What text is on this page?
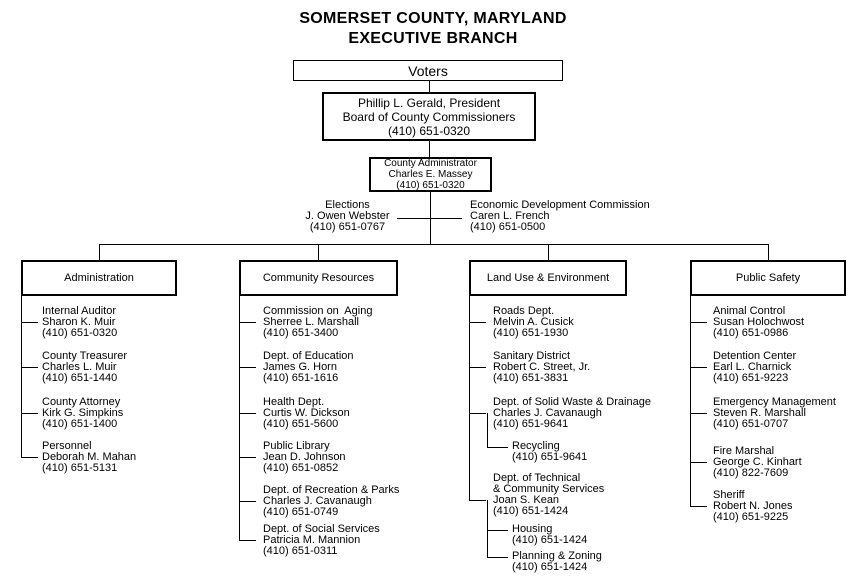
SOMERSET COUNTY, MARYLAND
EXECUTIVE BRANCH
Voters
Phillip L. Gerald, President
Board of County Commissioners
(410) 651-0320
County Administrator
Charles E. Massey
(410) 651-0320
Elections
J. Owen Webster
(410) 651-0767
Economic Development Commission
Caren L. French
(410) 651-0500
Administration	Community Resources	Land Use & Environment	Public Safety
Internal Auditor
Sharon K. Muir
(410) 651-0320
County Treasurer
Charles L. Muir
(410) 651-1440
County Attorney
Kirk G. Simpkins
(410) 651-1400
Personnel
Deborah M. Mahan
(410) 651-5131
Commission on  Aging
Sherree L. Marshall
(410) 651-3400
Dept. of Education
James G. Horn
(410) 651-1616
Health Dept.
Curtis W. Dickson
(410) 651-5600
Public Library
Jean D. Johnson
(410) 651-0852
Dept. of Recreation & Parks
Charles J. Cavanaugh
(410) 651-0749
Dept. of Social Services
Patricia M. Mannion
(410) 651-0311
Roads Dept.
Melvin A. Cusick
(410) 651-1930
Sanitary District
Robert C. Street, Jr.
(410) 651-3831
Dept. of Solid Waste & Drainage
Charles J. Cavanaugh
(410) 651-9641
Recycling
(410) 651-9641
Dept. of Technical
& Community Services
Joan S. Kean
(410) 651-1424
Housing
(410) 651-1424
Planning & Zoning
(410) 651-1424
Animal Control
Susan Holochwost
(410) 651-0986
Detention Center
Earl L. Charnick
(410) 651-9223
Emergency Management
Steven R. Marshall
(410) 651-0707
Fire Marshal
George C. Kinhart
(410) 822-7609
Sheriff
Robert N. Jones
(410) 651-9225
